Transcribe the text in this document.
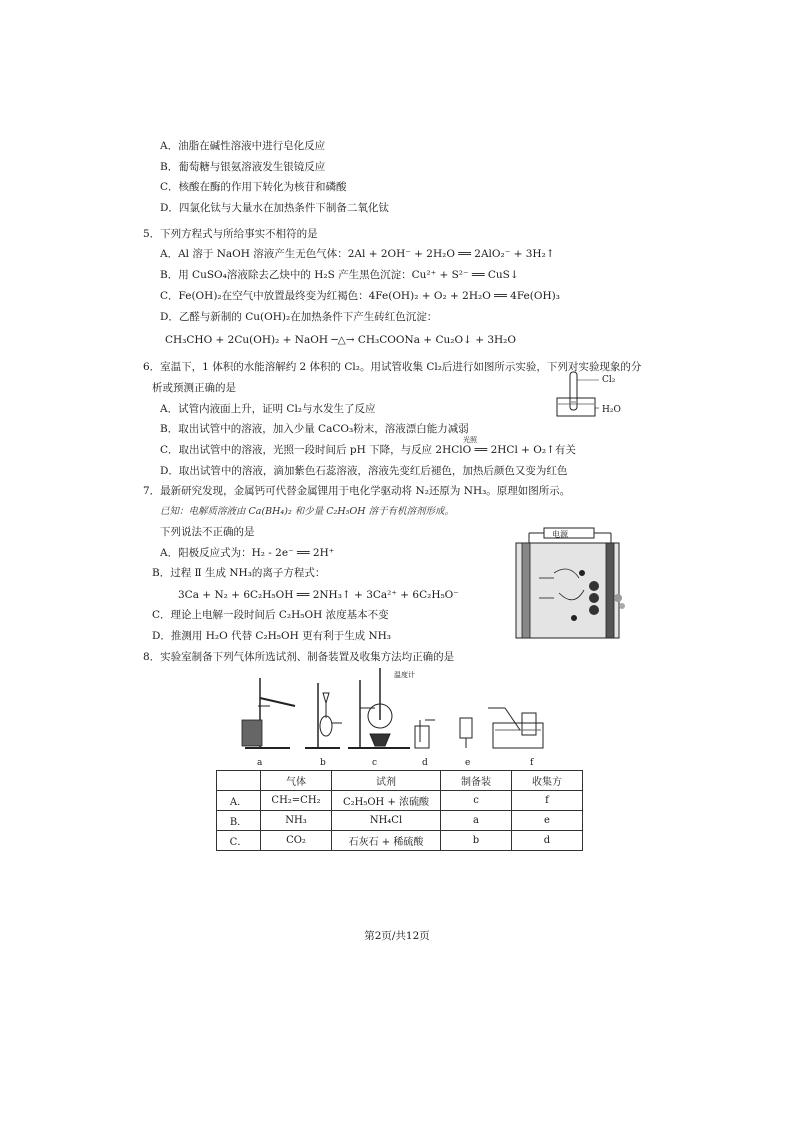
A．油脂在碱性溶液中进行皂化反应
B．葡萄糖与银氨溶液发生银镜反应
C．核酸在酶的作用下转化为核苷和磷酸
D．四氯化钛与大量水在加热条件下制备二氧化钛
5．下列方程式与所给事实不相符的是
A．Al 溶于 NaOH 溶液产生无色气体：2Al + 2OH⁻ + 2H₂O ══ 2AlO₂⁻ + 3H₂↑
B．用 CuSO₄溶液除去乙炔中的 H₂S 产生黑色沉淀：Cu²⁺ + S²⁻ ══ CuS↓
C．Fe(OH)₂在空气中放置最终变为红褐色：4Fe(OH)₂ + O₂ + 2H₂O ══ 4Fe(OH)₃
D．乙醛与新制的 Cu(OH)₂在加热条件下产生砖红色沉淀：
CH₃CHO + 2Cu(OH)₂ + NaOH ─△→ CH₃COONa + Cu₂O↓ + 3H₂O
6．室温下，1 体积的水能溶解约 2 体积的 Cl₂。用试管收集 Cl₂后进行如图所示实验，下列对实验现象的分
析或预测正确的是
A．试管内液面上升，证明 Cl₂与水发生了反应
B．取出试管中的溶液，加入少量 CaCO₃粉末，溶液漂白能力减弱
C．取出试管中的溶液，光照一段时间后 pH 下降，与反应 2HClO ══ 2HCl + O₂↑有关
光照
D．取出试管中的溶液，滴加紫色石蕊溶液，溶液先变红后褪色，加热后颜色又变为红色
Cl₂
H₂O
7．最新研究发现，金属钙可代替金属锂用于电化学驱动将 N₂还原为 NH₃。原理如图所示。
已知：电解质溶液由 Ca(BH₄)₂ 和少量 C₂H₅OH 溶于有机溶剂形成。
下列说法不正确的是
A．阳极反应式为：H₂ - 2e⁻ ══ 2H⁺
B．过程 Ⅱ 生成 NH₃的离子方程式：
3Ca + N₂ + 6C₂H₅OH ══ 2NH₃↑ + 3Ca²⁺ + 6C₂H₅O⁻
C．理论上电解一段时间后 C₂H₅OH 浓度基本不变
D．推测用 H₂O 代替 C₂H₅OH 更有利于生成 NH₃
电源
8．实验室制备下列气体所选试剂、制备装置及收集方法均正确的是
温度计
a	b	c	d	e	f
	气体	试剂	制备装	收集方
A．	CH₂=CH₂	C₂H₅OH + 浓硫酸	c	f
B．	NH₃	NH₄Cl	a	e
C．	CO₂	石灰石 + 稀硫酸	b	d
第2页/共12页
